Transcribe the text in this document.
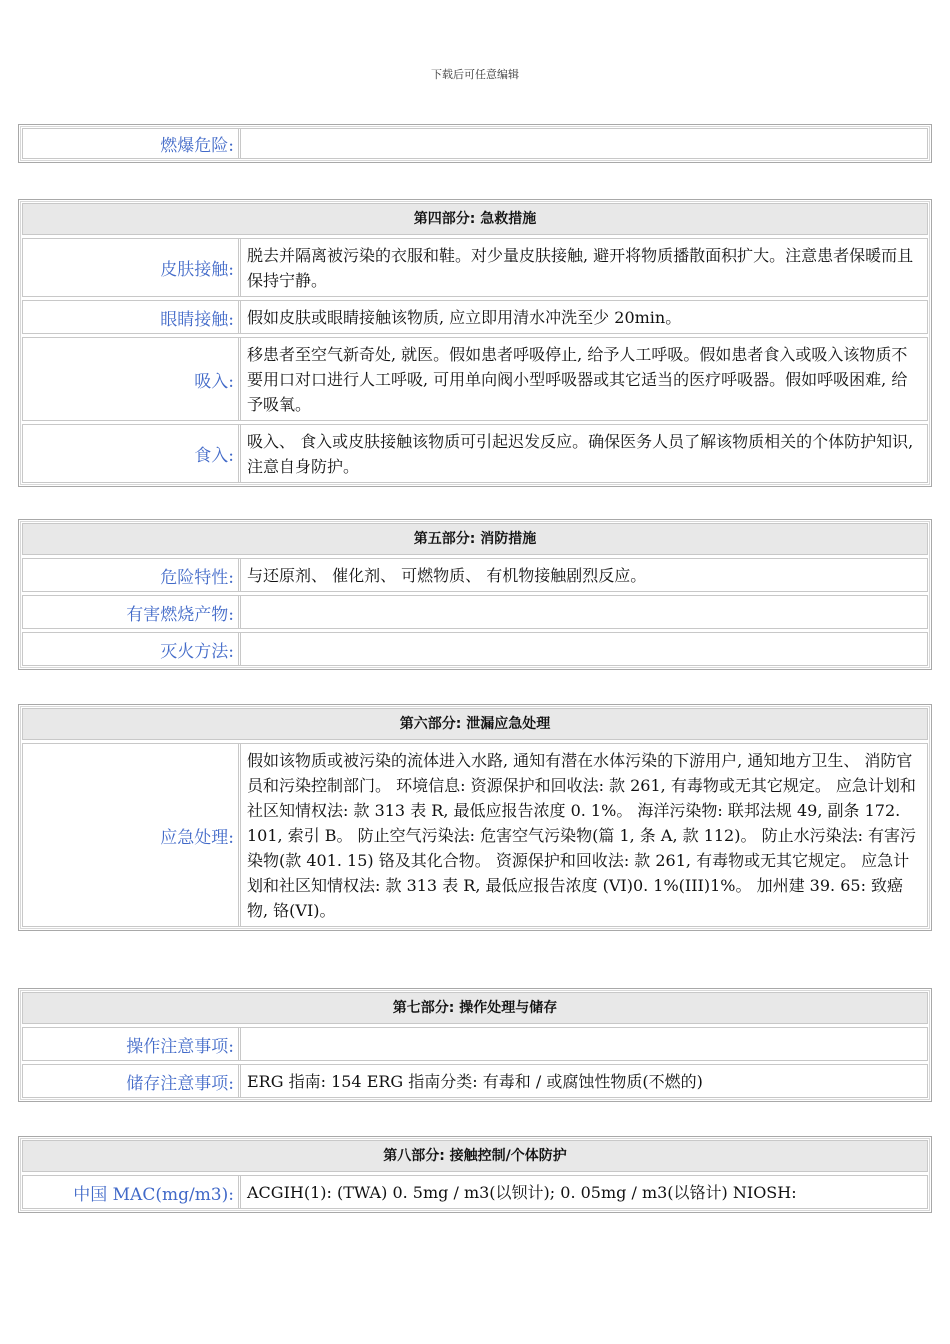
下载后可任意编辑
燃爆危险:
第四部分: 急救措施
皮肤接触:
脱去并隔离被污染的衣服和鞋。对少量皮肤接触, 避开将物质播散面积扩大。注意患者保暖而且保持宁静。
眼睛接触: 假如皮肤或眼睛接触该物质, 应立即用清水冲洗至少 20min。
吸入:
移患者至空气新奇处, 就医。假如患者呼吸停止, 给予人工呼吸。假如患者食入或吸入该物质不要用口对口进行人工呼吸, 可用单向阀小型呼吸器或其它适当的医疗呼吸器。假如呼吸困难, 给予吸氧。
食入:
吸入、 食入或皮肤接触该物质可引起迟发反应。确保医务人员了解该物质相关的个体防护知识, 注意自身防护。
第五部分: 消防措施
危险特性: 与还原剂、 催化剂、 可燃物质、 有机物接触剧烈反应。
有害燃烧产物:
灭火方法:
第六部分: 泄漏应急处理
应急处理:
假如该物质或被污染的流体进入水路, 通知有潜在水体污染的下游用户, 通知地方卫生、 消防官员和污染控制部门。 环境信息: 资源保护和回收法: 款 261, 有毒物或无其它规定。 应急计划和社区知情权法: 款 313 表 R, 最低应报告浓度 0. 1%。 海洋污染物: 联邦法规 49, 副条 172. 101, 索引 B。 防止空气污染法: 危害空气污染物(篇 1, 条 A, 款 112)。 防止水污染法: 有害污染物(款 401. 15) 铬及其化合物。 资源保护和回收法: 款 261, 有毒物或无其它规定。 应急计划和社区知情权法: 款 313 表 R, 最低应报告浓度 (VI)0. 1%(III)1%。 加州建 39. 65: 致癌物, 铬(VI)。
第七部分: 操作处理与储存
操作注意事项:
储存注意事项: ERG 指南: 154 ERG 指南分类: 有毒和 / 或腐蚀性物质(不燃的)
第八部分: 接触控制/个体防护
中国 MAC(mg/m3): ACGIH(1): (TWA) 0. 5mg / m3(以钡计); 0. 05mg / m3(以铬计) NIOSH:
